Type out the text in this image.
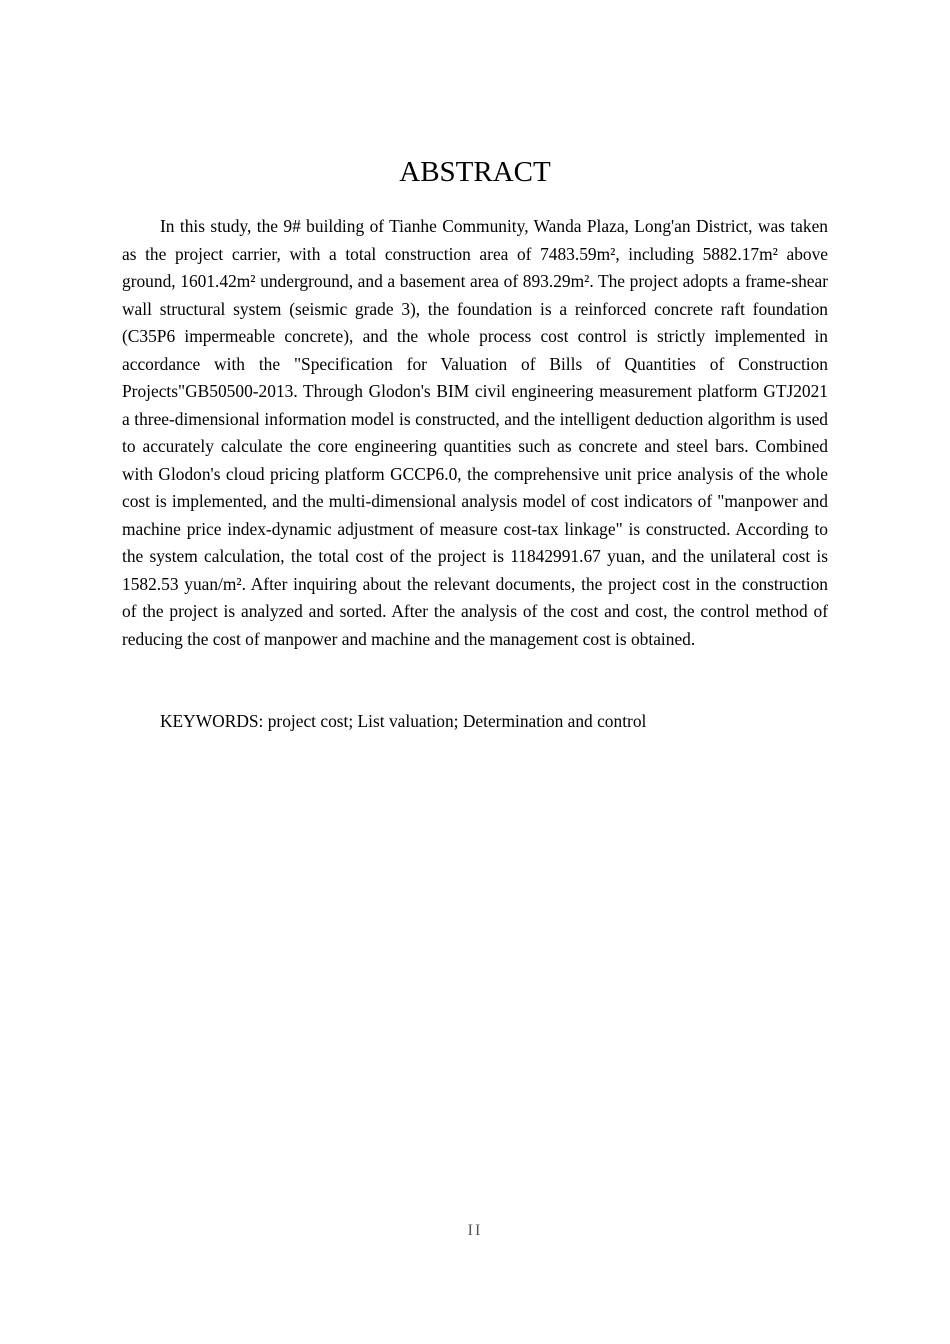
ABSTRACT

In this study, the 9# building of Tianhe Community, Wanda Plaza, Long'an District, was taken as the project carrier, with a total construction area of 7483.59m², including 5882.17m² above ground, 1601.42m² underground, and a basement area of 893.29m². The project adopts a frame-shear wall structural system (seismic grade 3), the foundation is a reinforced concrete raft foundation (C35P6 impermeable concrete), and the whole process cost control is strictly implemented in accordance with the "Specification for Valuation of Bills of Quantities of Construction Projects"GB50500-2013. Through Glodon's BIM civil engineering measurement platform GTJ2021 a three-dimensional information model is constructed, and the intelligent deduction algorithm is used to accurately calculate the core engineering quantities such as concrete and steel bars. Combined with Glodon's cloud pricing platform GCCP6.0, the comprehensive unit price analysis of the whole cost is implemented, and the multi-dimensional analysis model of cost indicators of "manpower and machine price index-dynamic adjustment of measure cost-tax linkage" is constructed. According to the system calculation, the total cost of the project is 11842991.67 yuan, and the unilateral cost is 1582.53 yuan/m². After inquiring about the relevant documents, the project cost in the construction of the project is analyzed and sorted. After the analysis of the cost and cost, the control method of reducing the cost of manpower and machine and the management cost is obtained.

KEYWORDS: project cost; List valuation; Determination and control

II
